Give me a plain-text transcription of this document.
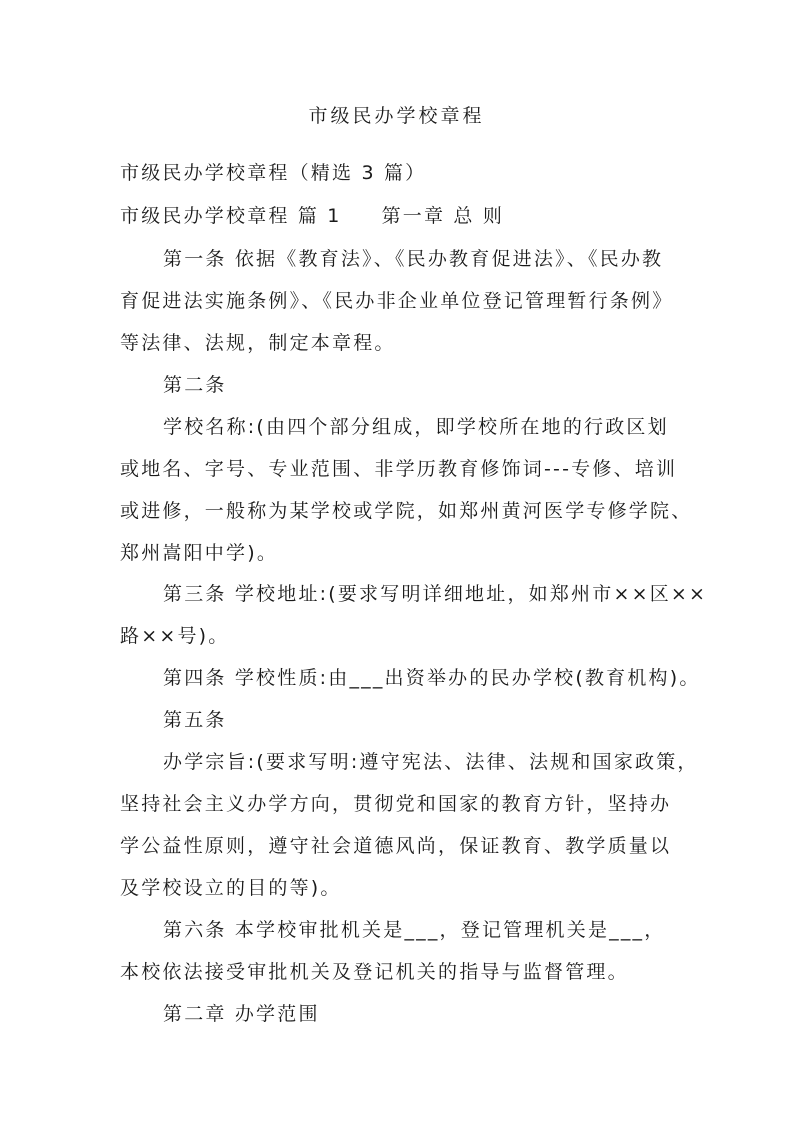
市级民办学校章程
市级民办学校章程（精选 3 篇）
市级民办学校章程 篇 1 第一章 总 则
第一条 依据《教育法》、《民办教育促进法》、《民办教
育促进法实施条例》、《民办非企业单位登记管理暂行条例》
等法律、法规，制定本章程。
第二条
学校名称:(由四个部分组成，即学校所在地的行政区划
或地名、字号、专业范围、非学历教育修饰词---专修、培训
或进修，一般称为某学校或学院，如郑州黄河医学专修学院、
郑州嵩阳中学)。
第三条 学校地址:(要求写明详细地址，如郑州市××区××
路××号)。
第四条 学校性质:由___出资举办的民办学校(教育机构)。
第五条
办学宗旨:(要求写明:遵守宪法、法律、法规和国家政策，
坚持社会主义办学方向，贯彻党和国家的教育方针，坚持办
学公益性原则，遵守社会道德风尚，保证教育、教学质量以
及学校设立的目的等)。
第六条 本学校审批机关是___，登记管理机关是___，
本校依法接受审批机关及登记机关的指导与监督管理。
第二章 办学范围
